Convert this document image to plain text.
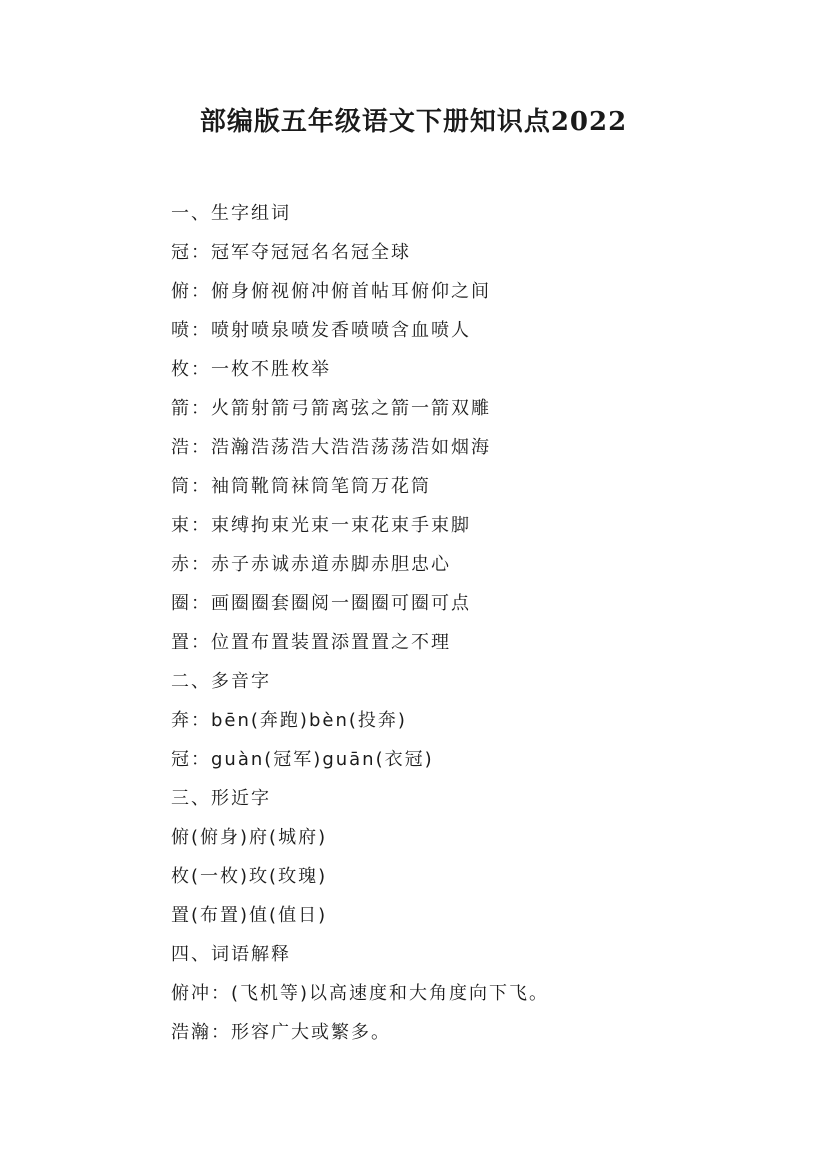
部编版五年级语文下册知识点2022
一、生字组词
冠：冠军夺冠冠名名冠全球
俯：俯身俯视俯冲俯首帖耳俯仰之间
喷：喷射喷泉喷发香喷喷含血喷人
枚：一枚不胜枚举
箭：火箭射箭弓箭离弦之箭一箭双雕
浩：浩瀚浩荡浩大浩浩荡荡浩如烟海
筒：袖筒靴筒袜筒笔筒万花筒
束：束缚拘束光束一束花束手束脚
赤：赤子赤诚赤道赤脚赤胆忠心
圈：画圈圈套圈阅一圈圈可圈可点
置：位置布置装置添置置之不理
二、多音字
奔：bēn(奔跑)bèn(投奔)
冠：guàn(冠军)guān(衣冠)
三、形近字
俯(俯身)府(城府)
枚(一枚)玫(玫瑰)
置(布置)值(值日)
四、词语解释
俯冲：(飞机等)以高速度和大角度向下飞。
浩瀚：形容广大或繁多。
